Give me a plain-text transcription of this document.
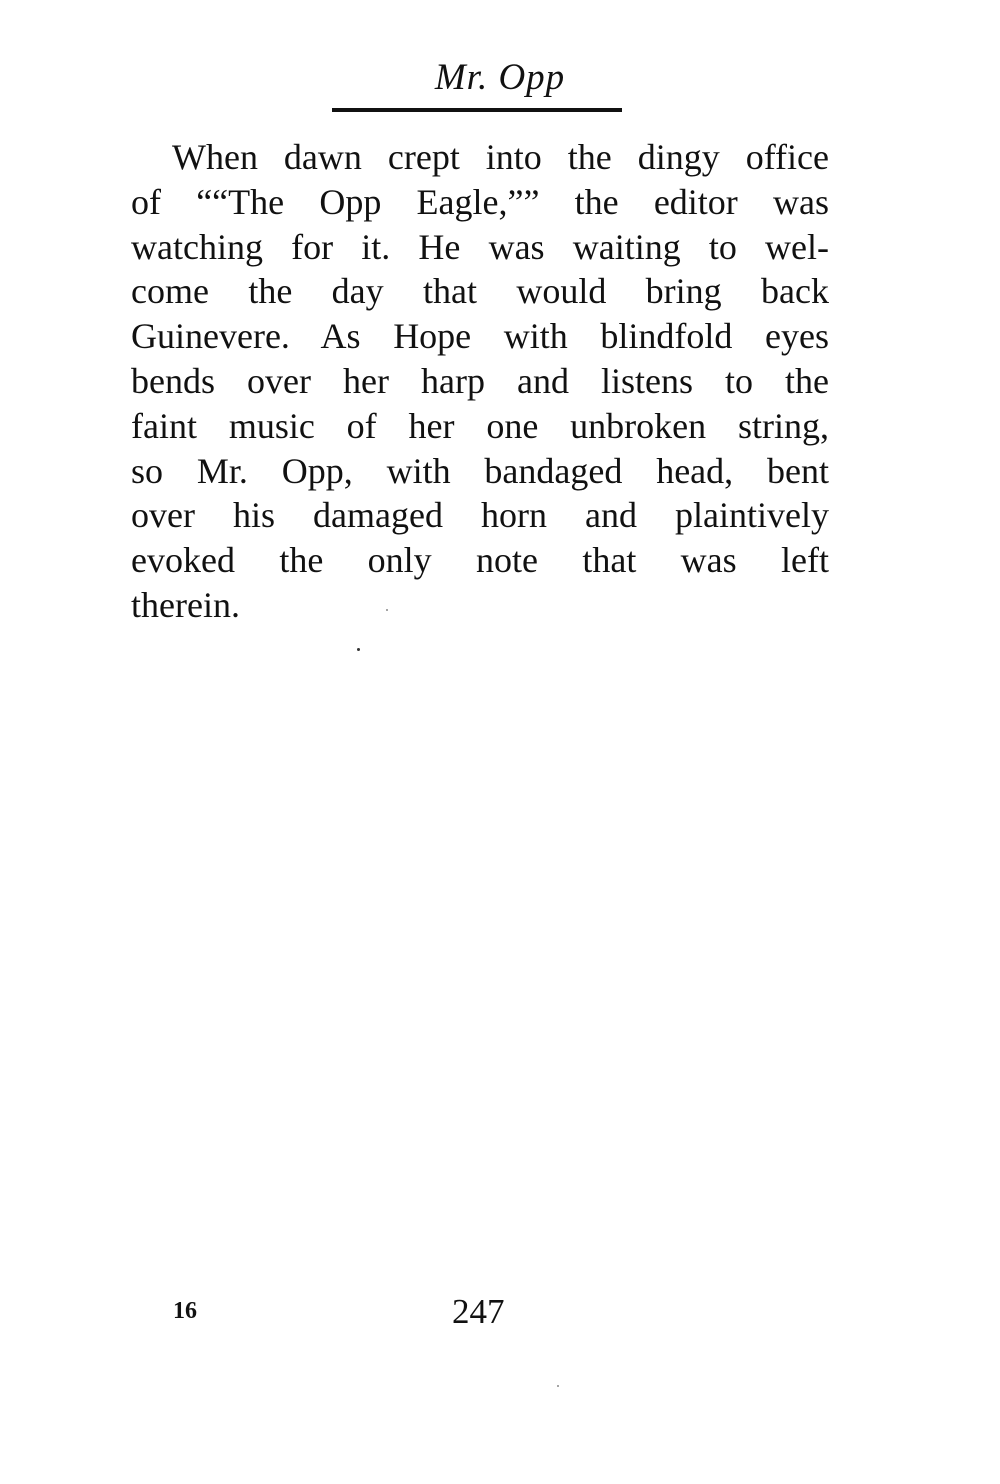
Mr. Opp
When dawn crept into the dingy office
of ““The Opp Eagle,”” the editor was
watching for it. He was waiting to wel-
come the day that would bring back
Guinevere. As Hope with blindfold eyes
bends over her harp and listens to the
faint music of her one unbroken string,
so Mr. Opp, with bandaged head, bent
over his damaged horn and plaintively
evoked the only note that was left
therein.
16	247
